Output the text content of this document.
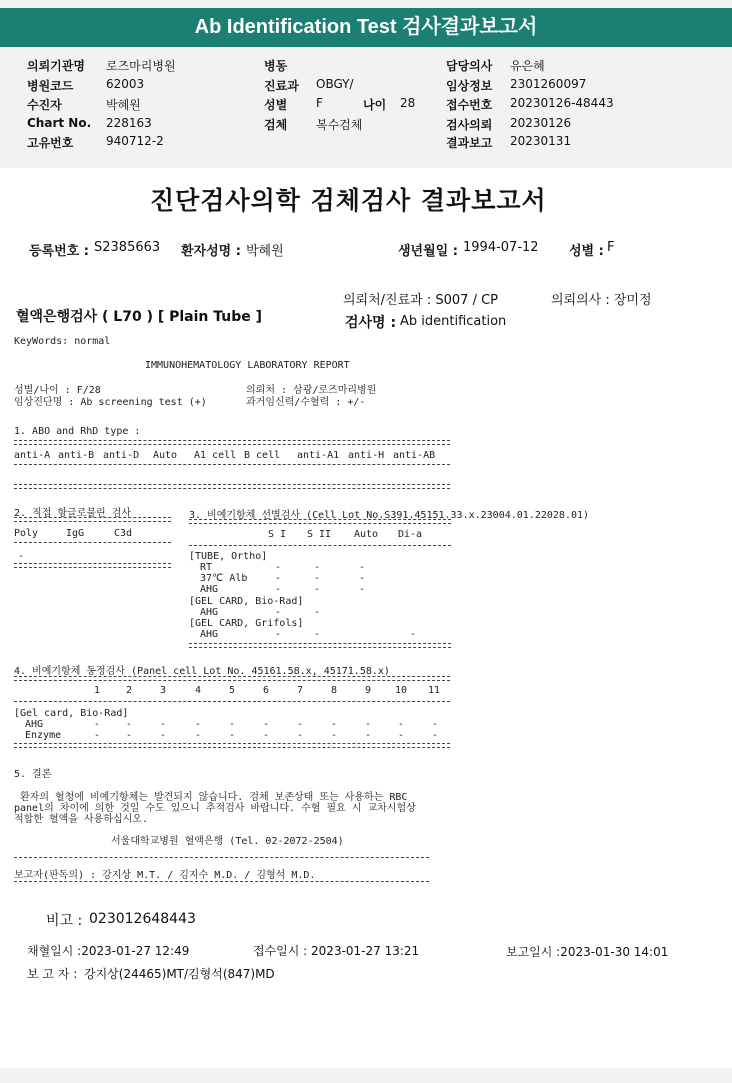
Ab Identification Test 검사결과보고서
의뢰기관명 로즈마리병원
병원코드	62003
수진자	박혜원
Chart No. 228163
고유번호	940712-2
병동
진료과 OBGY/
성별 F	나이 28
검체 복수검체
담당의사 유은혜
임상정보 2301260097
접수번호 20230126-48443
검사의뢰 20230126
결과보고 20230131
진단검사의학 검체검사 결과보고서
등록번호 : S2385663 환자성명 : 박혜원	생년월일 : 1994-07-12 성별 : F
의뢰처/진료과 : S007 / CP	의뢰의사 : 장미정
혈액은행검사 ( L70 ) [ Plain Tube ]	검사명 : Ab identification
KeyWords: normal
IMMUNOHEMATOLOGY LABORATORY REPORT
성별/나이 : F/28
임상진단명 : Ab screening test (+)
의뢰처 : 삼광/로즈마리병원
과거임신력/수혈력 : +/-
1. ABO and RhD type :
anti-A anti-B anti-D Auto A1 cell B cell anti-A1 anti-H anti-AB
2. 직접 항글로불린 검사
Poly	IgG	C3d
-
3. 비예기항체 선별검사 (Cell Lot No.S391.45151.33.x.23004.01.22028.01)
S I S II Auto Di-a
[TUBE, Ortho]
RT	-	-	-
37℃ Alb	-	-	-
AHG	-	-	-
[GEL CARD, Bio-Rad]
AHG	-	-
[GEL CARD, Grifols]
AHG	-	-	-
4. 비예기항체 동정검사 (Panel cell Lot No. 45161.58.x, 45171.58.x)
1	2	3	4	5	6	7	8	9 10 11
[Gel card, Bio-Rad]
AHG	-	-	-	-	-	-	-	-	-	-	-
Enzyme	-	-	-	-	-	-	-	-	-	-	-
5. 결론
환자의 혈청에 비예기항체는 발견되지 않습니다. 검체 보존상태 또는 사용하는 RBC
panel의 차이에 의한 것일 수도 있으니 추적검사 바랍니다. 수혈 필요 시 교차시험상
적합한 혈액을 사용하십시오.
서울대학교병원 혈액은행 (Tel. 02-2072-2504)
보고자(판독의) : 강지상 M.T. / 김지수 M.D. / 김형석 M.D.
비고 : 023012648443
채혈일시 :2023-01-27 12:49	접수일시 : 2023-01-27 13:21	보고일시 :2023-01-30 14:01
보 고 자 : 강지상(24465)MT/김형석(847)MD
